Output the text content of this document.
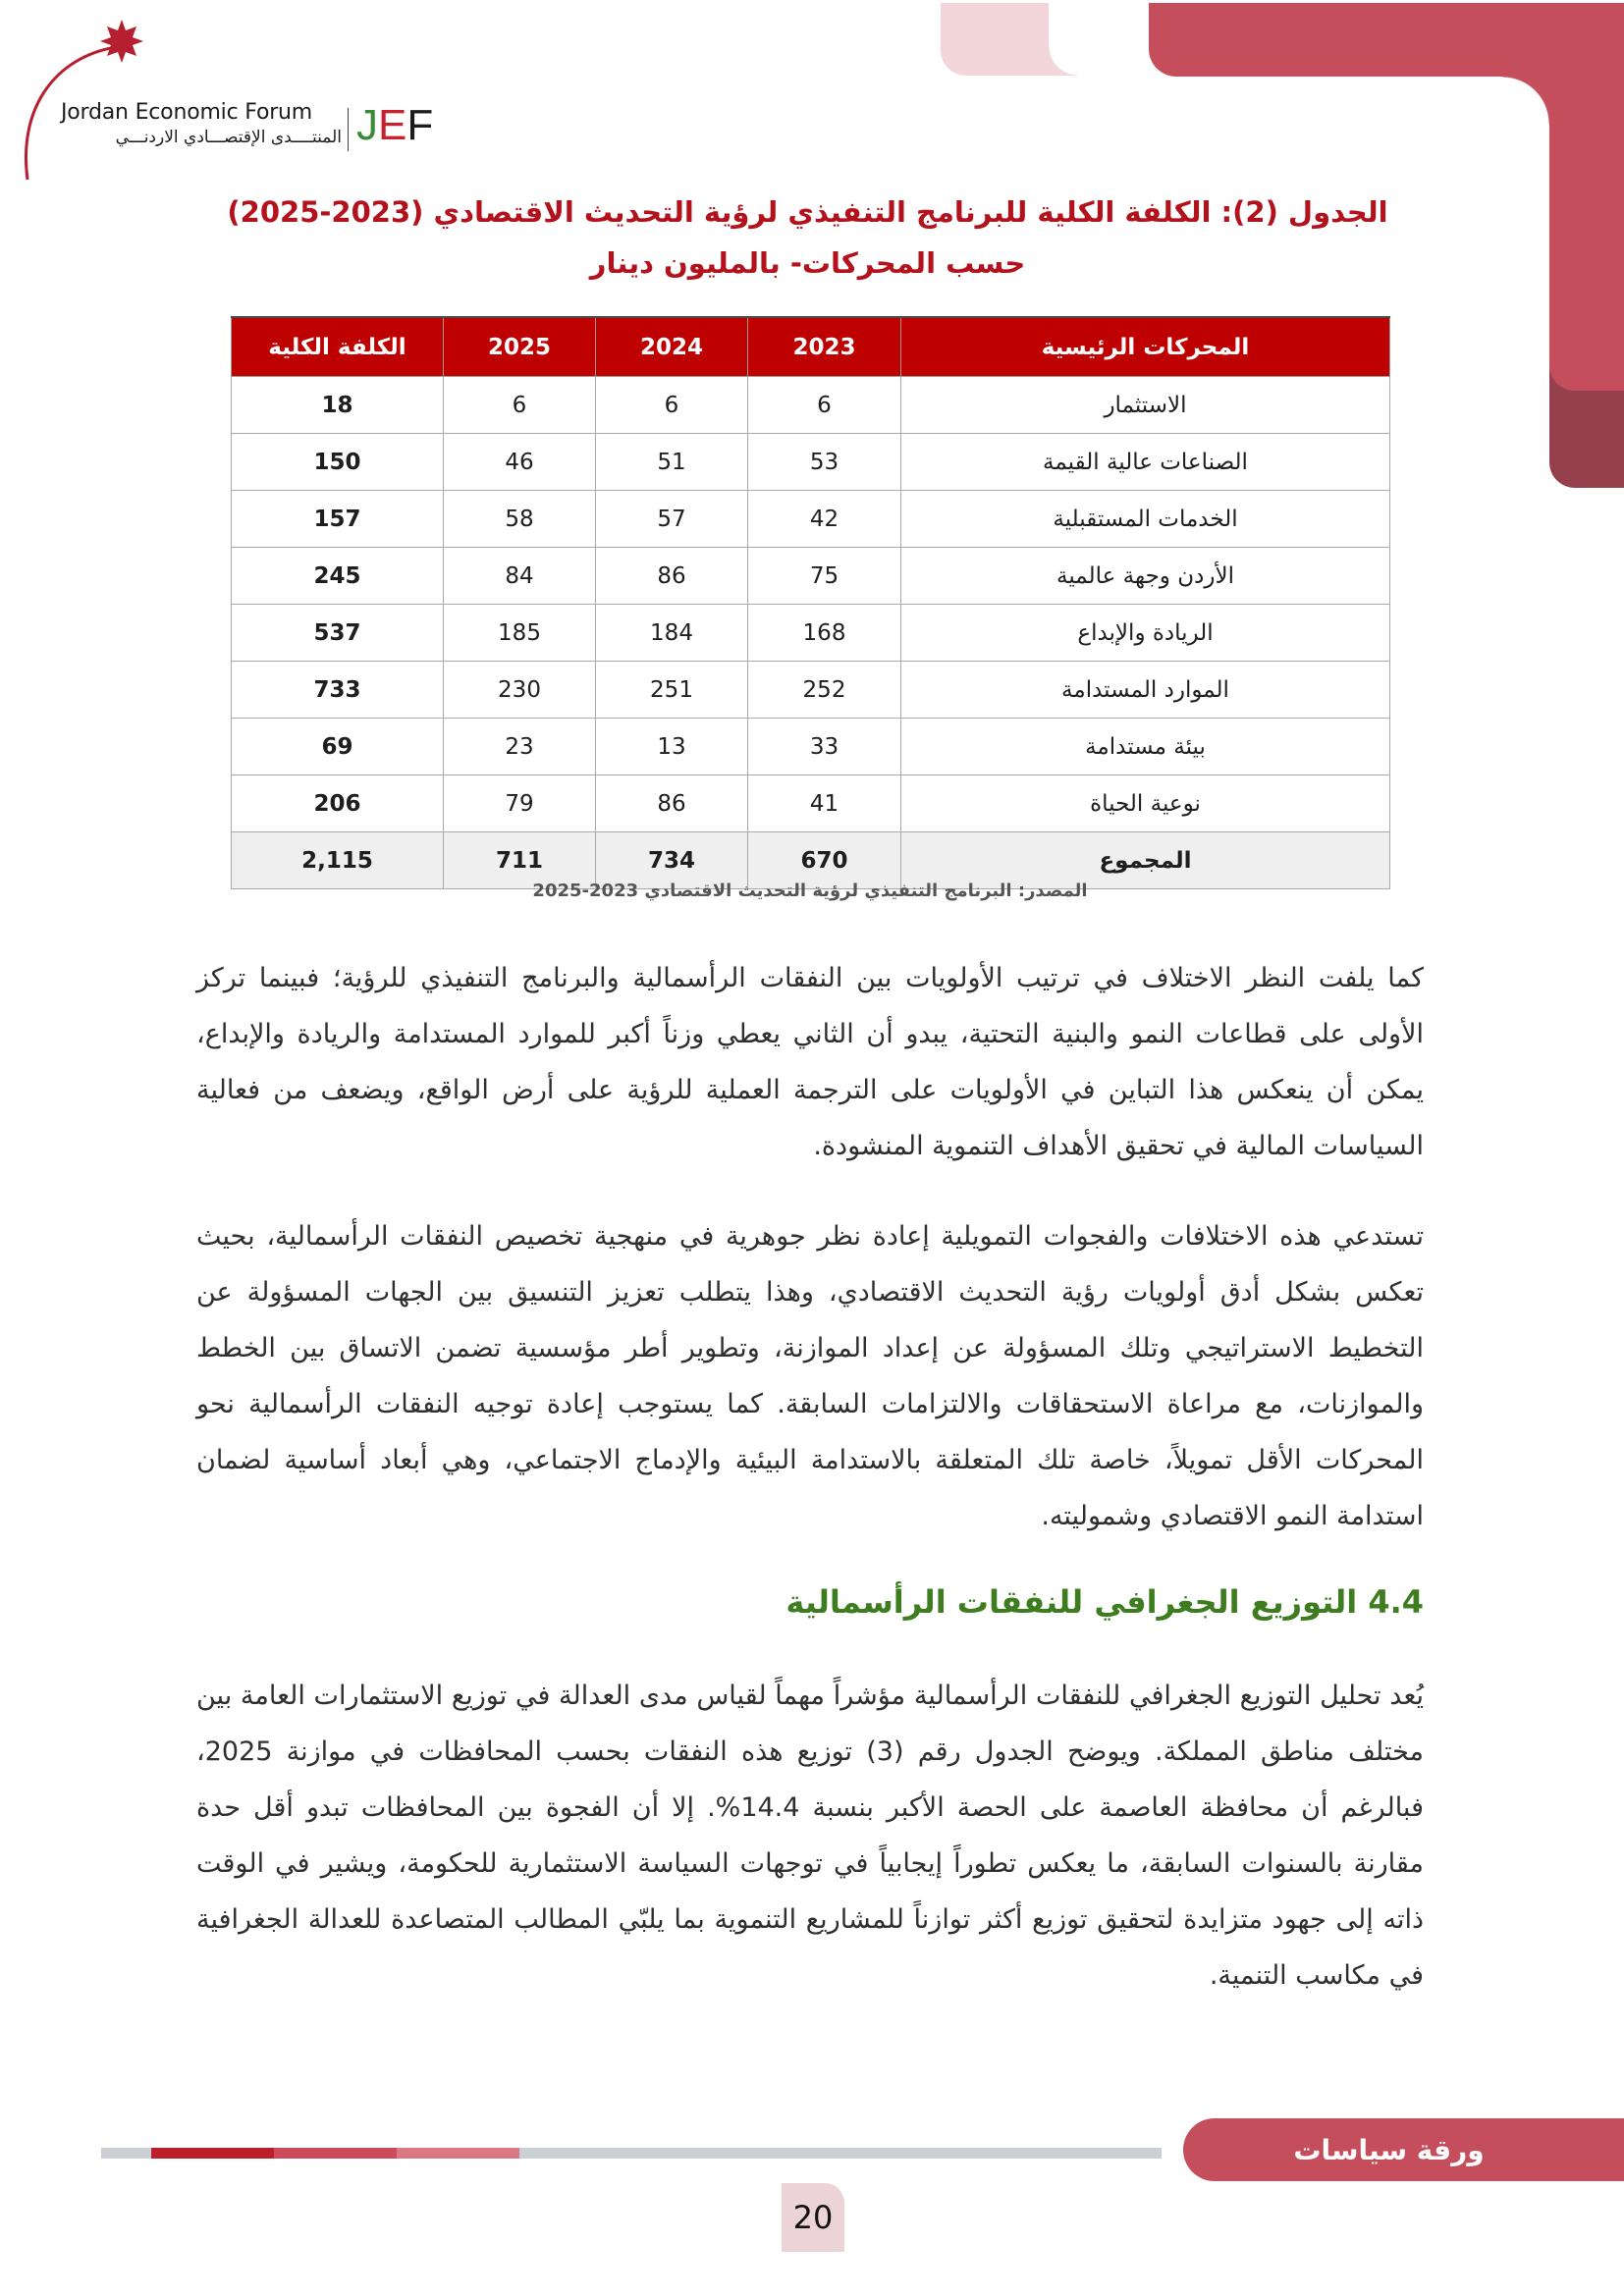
Jordan Economic Forum
المنتــــدى الإقتصـــادي الاردنـــي JEF
الجدول (2): الكلفة الكلية للبرنامج التنفيذي لرؤية التحديث الاقتصادي (2023-2025) حسب المحركات- بالمليون دينار
المحركات الرئيسية	2023	2024	2025	الكلفة الكلية
الاستثمار	6	6	6	18
الصناعات عالية القيمة	53	51	46	150
الخدمات المستقبلية	42	57	58	157
الأردن وجهة عالمية	75	86	84	245
الريادة والإبداع	168	184	185	537
الموارد المستدامة	252	251	230	733
بيئة مستدامة	33	13	23	69
نوعية الحياة	41	86	79	206
المجموع	670	734	711	2,115
المصدر: البرنامج التنفيذي لرؤية التحديث الاقتصادي 2023-2025

كما يلفت النظر الاختلاف في ترتيب الأولويات بين النفقات الرأسمالية والبرنامج التنفيذي للرؤية؛ فبينما تركز الأولى على قطاعات النمو والبنية التحتية، يبدو أن الثاني يعطي وزناً أكبر للموارد المستدامة والريادة والإبداع، يمكن أن ينعكس هذا التباين في الأولويات على الترجمة العملية للرؤية على أرض الواقع، ويضعف من فعالية السياسات المالية في تحقيق الأهداف التنموية المنشودة.

تستدعي هذه الاختلافات والفجوات التمويلية إعادة نظر جوهرية في منهجية تخصيص النفقات الرأسمالية، بحيث تعكس بشكل أدق أولويات رؤية التحديث الاقتصادي، وهذا يتطلب تعزيز التنسيق بين الجهات المسؤولة عن التخطيط الاستراتيجي وتلك المسؤولة عن إعداد الموازنة، وتطوير أطر مؤسسية تضمن الاتساق بين الخطط والموازنات، مع مراعاة الاستحقاقات والالتزامات السابقة. كما يستوجب إعادة توجيه النفقات الرأسمالية نحو المحركات الأقل تمويلاً، خاصة تلك المتعلقة بالاستدامة البيئية والإدماج الاجتماعي، وهي أبعاد أساسية لضمان استدامة النمو الاقتصادي وشموليته.

4.4 التوزيع الجغرافي للنفقات الرأسمالية

يُعد تحليل التوزيع الجغرافي للنفقات الرأسمالية مؤشراً مهماً لقياس مدى العدالة في توزيع الاستثمارات العامة بين مختلف مناطق المملكة. ويوضح الجدول رقم (3) توزيع هذه النفقات بحسب المحافظات في موازنة 2025، فبالرغم أن محافظة العاصمة على الحصة الأكبر بنسبة 14.4%. إلا أن الفجوة بين المحافظات تبدو أقل حدة مقارنة بالسنوات السابقة، ما يعكس تطوراً إيجابياً في توجهات السياسة الاستثمارية للحكومة، ويشير في الوقت ذاته إلى جهود متزايدة لتحقيق توزيع أكثر توازناً للمشاريع التنموية بما يلبّي المطالب المتصاعدة للعدالة الجغرافية في مكاسب التنمية.

ورقة سياسات
20
